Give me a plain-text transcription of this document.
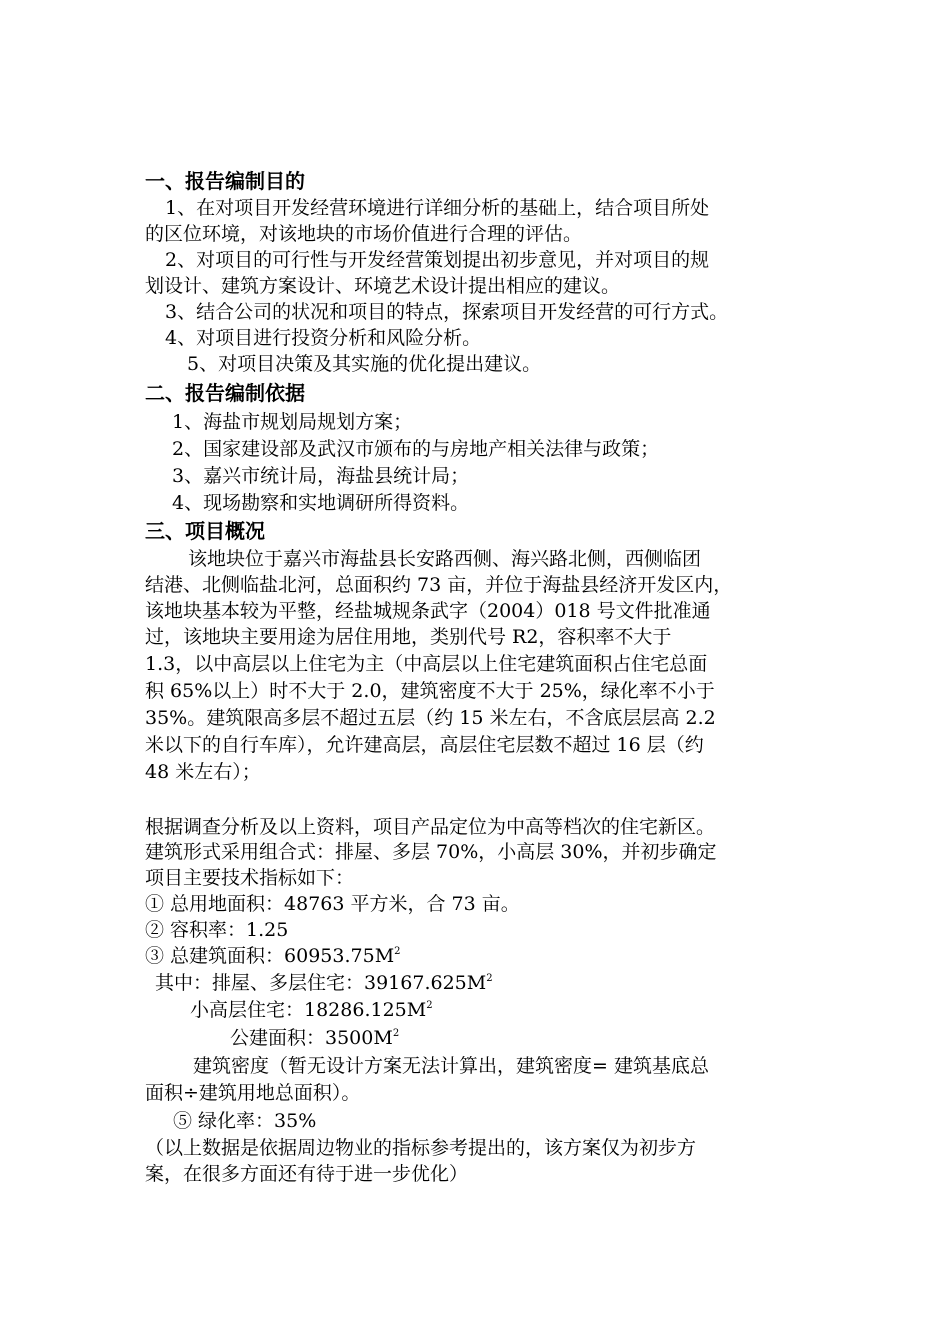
一、报告编制目的
1、在对项目开发经营环境进行详细分析的基础上，结合项目所处
的区位环境，对该地块的市场价值进行合理的评估。
2、对项目的可行性与开发经营策划提出初步意见，并对项目的规
划设计、建筑方案设计、环境艺术设计提出相应的建议。
3、结合公司的状况和项目的特点，探索项目开发经营的可行方式。
4、对项目进行投资分析和风险分析。
5、对项目决策及其实施的优化提出建议。
二、报告编制依据
1、海盐市规划局规划方案；
2、国家建设部及武汉市颁布的与房地产相关法律与政策；
3、嘉兴市统计局，海盐县统计局；
4、现场勘察和实地调研所得资料。
三、项目概况
该地块位于嘉兴市海盐县长安路西侧、海兴路北侧，西侧临团
结港、北侧临盐北河，总面积约 73 亩，并位于海盐县经济开发区内，
该地块基本较为平整，经盐城规条武字（2004）018 号文件批准通
过，该地块主要用途为居住用地，类别代号 R2，容积率不大于
1.3，以中高层以上住宅为主（中高层以上住宅建筑面积占住宅总面
积 65%以上）时不大于 2.0，建筑密度不大于 25%，绿化率不小于
35%。建筑限高多层不超过五层（约 15 米左右，不含底层层高 2.2
米以下的自行车库），允许建高层，高层住宅层数不超过 16 层（约
48 米左右）；
根据调查分析及以上资料，项目产品定位为中高等档次的住宅新区。
建筑形式采用组合式：排屋、多层 70%，小高层 30%，并初步确定
项目主要技术指标如下：
① 总用地面积：48763 平方米，合 73 亩。
② 容积率：1.25
③ 总建筑面积：$60953.75M^2$
其中：排屋、多层住宅：$39167.625M^2$
小高层住宅：$18286.125M^2$
公建面积：$3500M^2$
建筑密度（暂无设计方案无法计算出，建筑密度= 建筑基底总
面积÷建筑用地总面积）。
⑤ 绿化率：35%
（以上数据是依据周边物业的指标参考提出的，该方案仅为初步方
案，在很多方面还有待于进一步优化）
